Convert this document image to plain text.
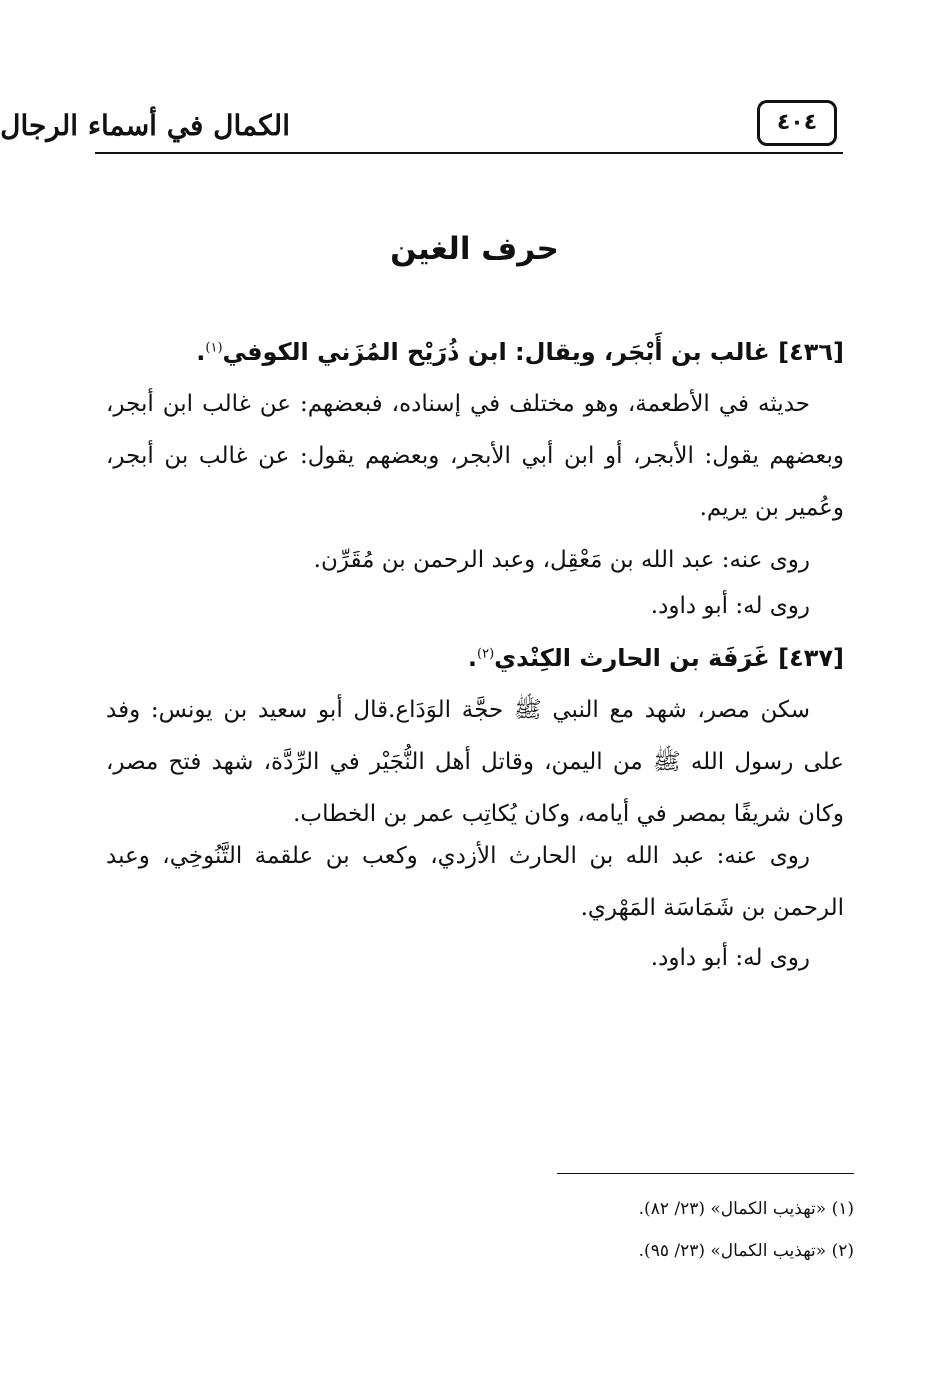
الكمال في أسماء الرجال	٤٠٤
حرف الغين
[٤٣٦] غالب بن أَبْجَر، ويقال: ابن ذُرَيْح المُزَني الكوفي$^{(١)}$.
حديثه في الأطعمة، وهو مختلف في إسناده، فبعضهم: عن غالب ابن أبجر، وبعضهم يقول: الأبجر، أو ابن أبي الأبجر، وبعضهم يقول: عن غالب بن أبجر، وعُمير بن يريم.
روى عنه: عبد الله بن مَعْقِل، وعبد الرحمن بن مُقَرِّن.
روى له: أبو داود.
[٤٣٧] غَرَفَة بن الحارث الكِنْدي$^{(٢)}$.
سكن مصر، شهد مع النبي ﷺ حجَّة الوَدَاع.قال أبو سعيد بن يونس: وفد على رسول الله ﷺ من اليمن، وقاتل أهل النُّجَيْر في الرِّدَّة، شهد فتح مصر، وكان شريفًا بمصر في أيامه، وكان يُكاتِب عمر بن الخطاب.
روى عنه: عبد الله بن الحارث الأزدي، وكعب بن علقمة التَّنُوخِي، وعبد الرحمن بن شَمَاسَة المَهْري.
روى له: أبو داود.
(١) «تهذيب الكمال» (٢٣/ ٨٢).
(٢) «تهذيب الكمال» (٢٣/ ٩٥).
